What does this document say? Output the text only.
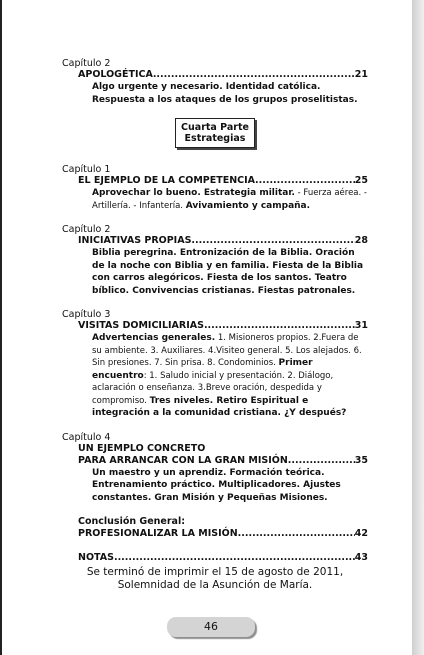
Capítulo 2

APOLOGÉTICA .....	21
Algo urgente y necesario. Identidad católica. Respuesta a los ataques de los grupos proselitistas.
Cuarta Parte
Estrategias

Capítulo 1

EL EJEMPLO DE LA COMPETENCIA .....	25
Aprovechar lo bueno. Estrategia militar. - Fuerza aérea. - Artillería. - Infantería. Avivamiento y campaña.

Capítulo 2

INICIATIVAS PROPIAS .....	28
Biblia peregrina. Entronización de la Biblia. Oración de la noche con Biblia y en familia. Fiesta de la Biblia con carros alegóricos. Fiesta de los santos. Teatro bíblico. Convivencias cristianas. Fiestas patronales.

Capítulo 3

VISITAS DOMICILIARIAS .....	31
Advertencias generales. 1. Misioneros propios. 2.Fuera de su ambiente. 3. Auxiliares. 4.Visiteo general. 5. Los alejados. 6. Sin presiones. 7. Sin prisa. 8. Condominios. Primer encuentro: 1. Saludo inicial y presentación. 2. Diálogo, aclaración o enseñanza. 3.Breve oración, despedida y compromiso. Tres niveles. Retiro Espiritual e integración a la comunidad cristiana. ¿Y después?

Capítulo 4

UN EJEMPLO CONCRETO
PARA ARRANCAR CON LA GRAN MISIÓN .....	35
Un maestro y un aprendiz. Formación teórica. Entrenamiento práctico. Multiplicadores. Ajustes constantes. Gran Misión y Pequeñas Misiones.
Conclusión General:
PROFESIONALIZAR LA MISIÓN .....	42
NOTAS .....	43
Se terminó de imprimir el 15 de agosto de 2011,
Solemnidad de la Asunción de María.
46
